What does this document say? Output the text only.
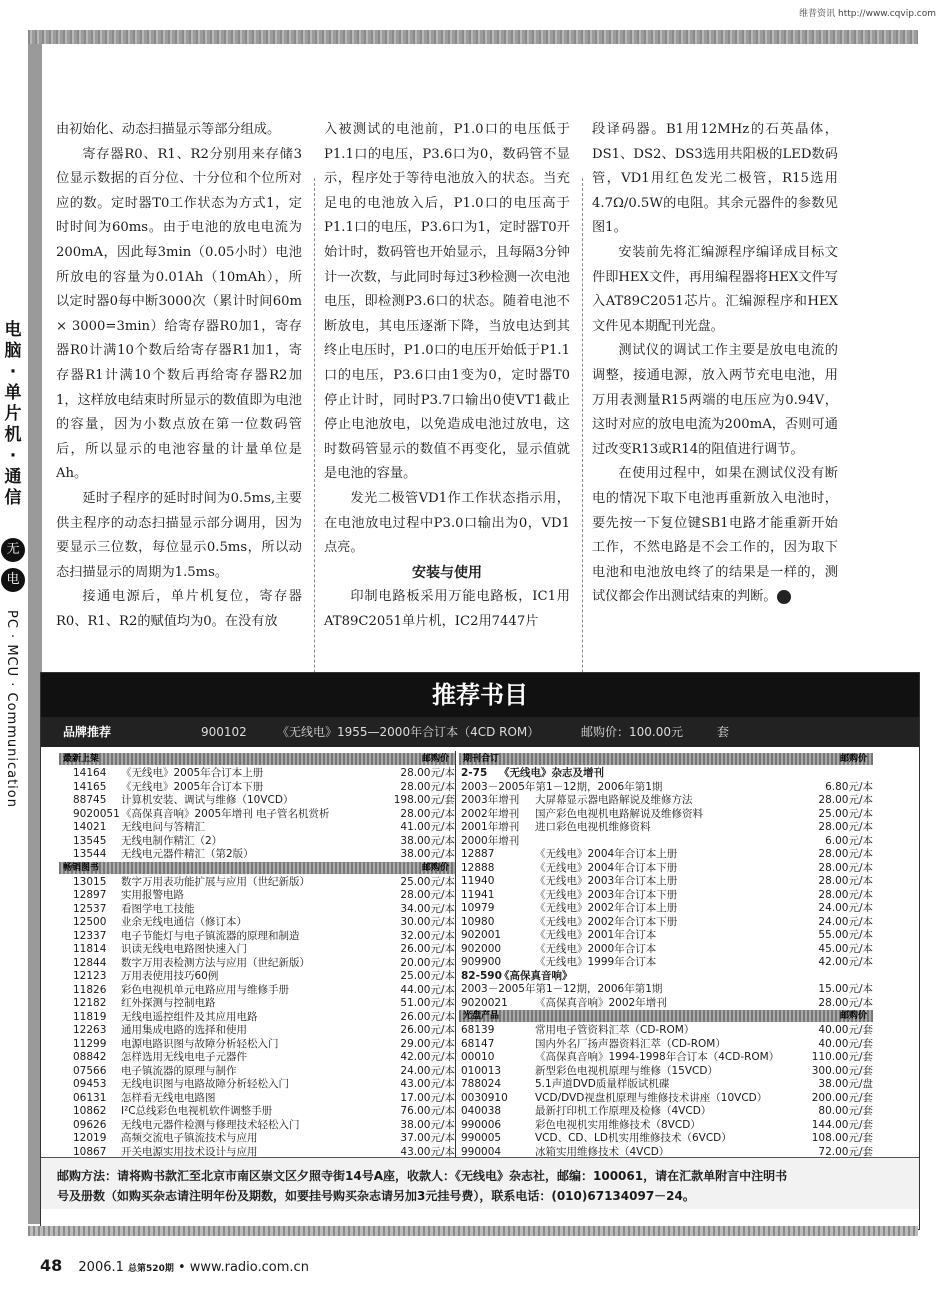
维普资讯 http://www.cqvip.com
电
脑
·
单
片
机
·
通
信
无
电
PC · MCU · Communication

由初始化、动态扫描显示等部分组成。

寄存器R0、R1、R2分别用来存储3位显示数据的百分位、十分位和个位所对应的数。定时器T0工作状态为方式1，定时时间为60ms。由于电池的放电电流为200mA，因此每3min（0.05小时）电池所放电的容量为0.01Ah（10mAh），所以定时器0每中断3000次（累计时间60m × 3000=3min）给寄存器R0加1，寄存器R0计满10个数后给寄存器R1加1，寄存器R1计满10个数后再给寄存器R2加1，这样放电结束时所显示的数值即为电池的容量，因为小数点放在第一位数码管后，所以显示的电池容量的计量单位是Ah。

延时子程序的延时时间为0.5ms,主要供主程序的动态扫描显示部分调用，因为要显示三位数，每位显示0.5ms，所以动态扫描显示的周期为1.5ms。

接通电源后，单片机复位，寄存器R0、R1、R2的赋值均为0。在没有放

入被测试的电池前，P1.0口的电压低于P1.1口的电压，P3.6口为0，数码管不显示，程序处于等待电池放入的状态。当充足电的电池放入后，P1.0口的电压高于P1.1口的电压，P3.6口为1，定时器T0开始计时，数码管也开始显示，且每隔3分钟计一次数，与此同时每过3秒检测一次电池电压，即检测P3.6口的状态。随着电池不断放电，其电压逐渐下降，当放电达到其终止电压时，P1.0口的电压开始低于P1.1口的电压，P3.6口由1变为0，定时器T0停止计时，同时P3.7口输出0使VT1截止停止电池放电，以免造成电池过放电，这时数码管显示的数值不再变化，显示值就是电池的容量。

发光二极管VD1作工作状态指示用，在电池放电过程中P3.0口输出为0，VD1点亮。

安装与使用

印制电路板采用万能电路板，IC1用AT89C2051单片机，IC2用7447片

段译码器。B1用12MHz的石英晶体，DS1、DS2、DS3选用共阳极的LED数码管，VD1用红色发光二极管，R15选用4.7Ω/0.5W的电阻。其余元器件的参数见图1。

安装前先将汇编源程序编译成目标文件即HEX文件，再用编程器将HEX文件写入AT89C2051芯片。汇编源程序和HEX文件见本期配刊光盘。

测试仪的调试工作主要是放电电流的调整，接通电源，放入两节充电电池，用万用表测量R15两端的电压应为0.94V，这时对应的放电电流为200mA，否则可通过改变R13或R14的阻值进行调节。

在使用过程中，如果在测试仪没有断电的情况下取下电池再重新放入电池时，要先按一下复位键SB1电路才能重新开始工作，不然电路是不会工作的，因为取下电池和电池放电终了的结果是一样的，测试仪都会作出测试结束的判断。	无

推荐书目
品牌推荐	900102	《无线电》1955—2000年合订本（4CD ROM）	邮购价：100.00元	套
最新上架	邮购价
14164	《无线电》2005年合订本上册	28.00元/本
14165	《无线电》2005年合订本下册	28.00元/本
88745	计算机安装、调试与维修（10VCD）	198.00元/套
9020051 《高保真音响》2005年增刊 电子管名机赏析	28.00元/本
14021	无线电问与答精汇	41.00元/本
13545	无线电制作精汇（2）	38.00元/本
13544	无线电元器件精汇（第2版）	38.00元/本
畅销图书	邮购价
13015	数字万用表功能扩展与应用（世纪新版）	25.00元/本
12897	实用报警电路	28.00元/本
12537	看图学电工技能	34.00元/本
12500	业余无线电通信（修订本）	30.00元/本
12337	电子节能灯与电子镇流器的原理和制造	32.00元/本
11814	识读无线电电路图快速入门	26.00元/本
12844	数字万用表检测方法与应用（世纪新版）	20.00元/本
12123	万用表使用技巧60例	25.00元/本
11826	彩色电视机单元电路应用与维修手册	44.00元/本
12182	红外探测与控制电路	51.00元/本
11819	无线电遥控组件及其应用电路	26.00元/本
12263	通用集成电路的选择和使用	26.00元/本
11299	电源电路识图与故障分析轻松入门	29.00元/本
08842	怎样选用无线电电子元器件	42.00元/本
07566	电子镇流器的原理与制作	24.00元/本
09453	无线电识图与电路故障分析轻松入门	43.00元/本
06131	怎样看无线电电路图	17.00元/本
10862	I²C总线彩色电视机软件调整手册	76.00元/本
09626	无线电元器件检测与修理技术轻松入门	38.00元/本
12019	高频交流电子镇流技术与应用	37.00元/本
10867	开关电源实用技术设计与应用	43.00元/本
期刊合订	邮购价
2-75	《无线电》杂志及增刊
2003－2005年第1－12期，2006年第1期	6.80元/本
2003年增刊	大屏幕显示器电路解说及维修方法	28.00元/本
2002年增刊	国产彩色电视机电路解说及维修资料	25.00元/本
2001年增刊	进口彩色电视机维修资料	28.00元/本
2000年增刊	6.00元/本
12887	《无线电》2004年合订本上册	28.00元/本
12888	《无线电》2004年合订本下册	28.00元/本
11940	《无线电》2003年合订本上册	28.00元/本
11941	《无线电》2003年合订本下册	28.00元/本
10979	《无线电》2002年合订本上册	24.00元/本
10980	《无线电》2002年合订本下册	24.00元/本
902001	《无线电》2001年合订本	55.00元/本
902000	《无线电》2000年合订本	45.00元/本
909900	《无线电》1999年合订本	42.00元/本
82-590
《高保真音响》
2003－2005年第1－12期，2006年第1期	15.00元/本
9020021	《高保真音响》2002年增刊	28.00元/本
光盘产品	邮购价
68139	常用电子管资料汇萃（CD-ROM）	40.00元/套
68147	国内外名厂扬声器资料汇萃（CD-ROM）	40.00元/套
00010	《高保真音响》1994-1998年合订本（4CD-ROM）	110.00元/套
010013	新型彩色电视机原理与维修（15VCD）	300.00元/套
788024	5.1声道DVD质量样版试机碟	38.00元/盘
0030910	VCD/DVD视盘机原理与维修技术讲座（10VCD）	200.00元/套
040038	最新打印机工作原理及检修（4VCD）	80.00元/套
990006	彩色电视机实用维修技术（8VCD）	144.00元/套
990005	VCD、CD、LD机实用维修技术（6VCD）	108.00元/套
990004	冰箱实用维修技术（4VCD）	72.00元/套
邮购方法：请将购书款汇至北京市南区崇文区夕照寺街14号A座，收款人：《无线电》杂志社，邮编：100061，请在汇款单附言中注明书
号及册数（如购买杂志请注明年份及期数，如要挂号购买杂志请另加3元挂号费），联系电话：(010)67134097－24。
48 2006.1 总第520期 • www.radio.com.cn
